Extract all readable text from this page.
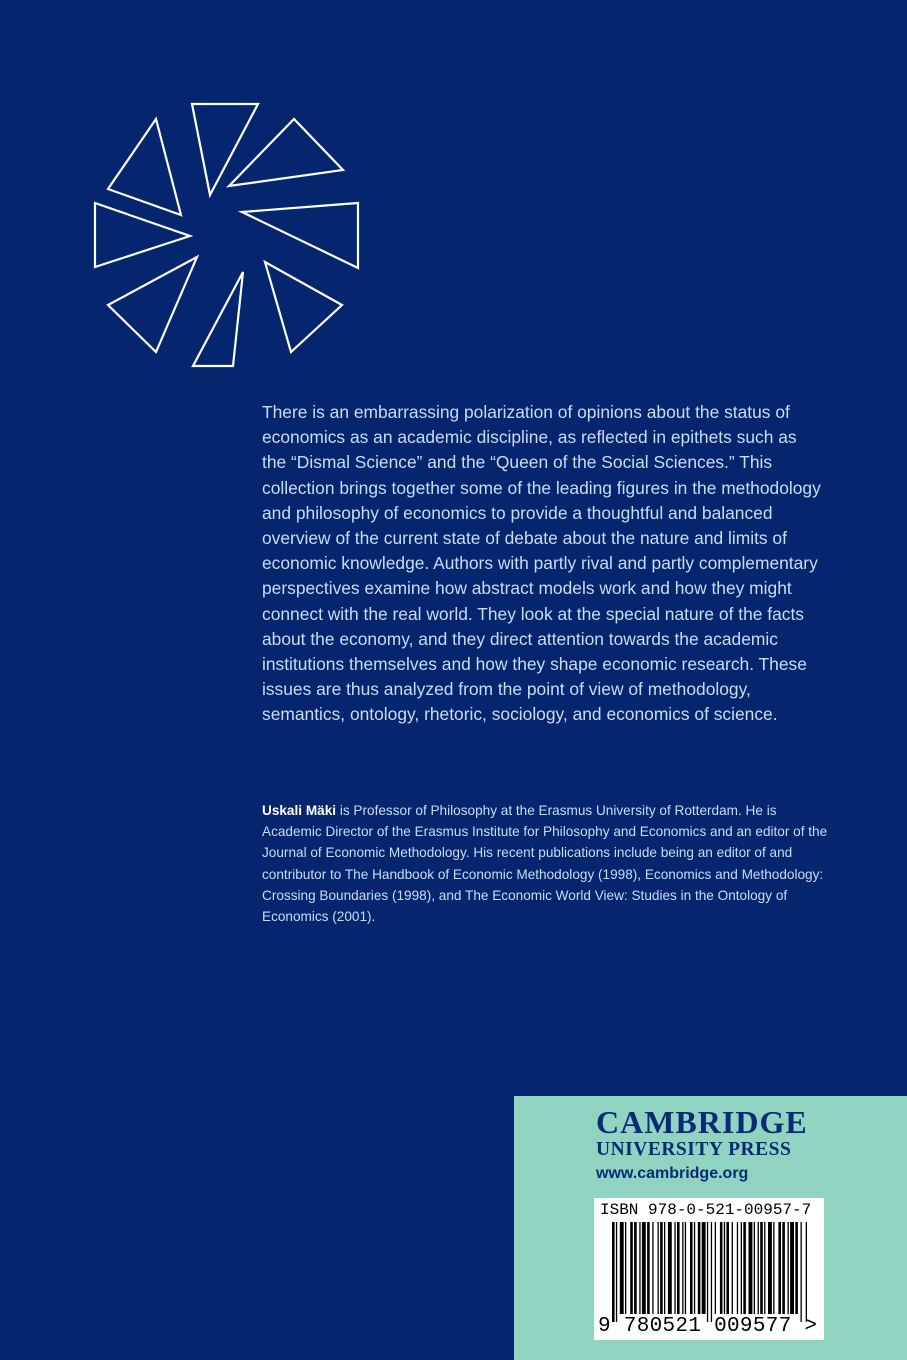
There is an embarrassing polarization of opinions about the status of economics as an academic discipline, as reflected in epithets such as the “Dismal Science” and the “Queen of the Social Sciences.” This collection brings together some of the leading figures in the methodology and philosophy of economics to provide a thoughtful and balanced overview of the current state of debate about the nature and limits of economic knowledge. Authors with partly rival and partly complementary perspectives examine how abstract models work and how they might connect with the real world. They look at the special nature of the facts about the economy, and they direct attention towards the academic institutions themselves and how they shape economic research. These issues are thus analyzed from the point of view of methodology, semantics, ontology, rhetoric, sociology, and economics of science.

Uskali Mäki is Professor of Philosophy at the Erasmus University of Rotterdam. He is Academic Director of the Erasmus Institute for Philosophy and Economics and an editor of the Journal of Economic Methodology. His recent publications include being an editor of and contributor to The Handbook of Economic Methodology (1998), Economics and Methodology: Crossing Boundaries (1998), and The Economic World View: Studies in the Ontology of Economics (2001).

CAMBRIDGE
UNIVERSITY PRESS
www.cambridge.org
ISBN 978-0-521-00957-7
9 780521 009577 >
